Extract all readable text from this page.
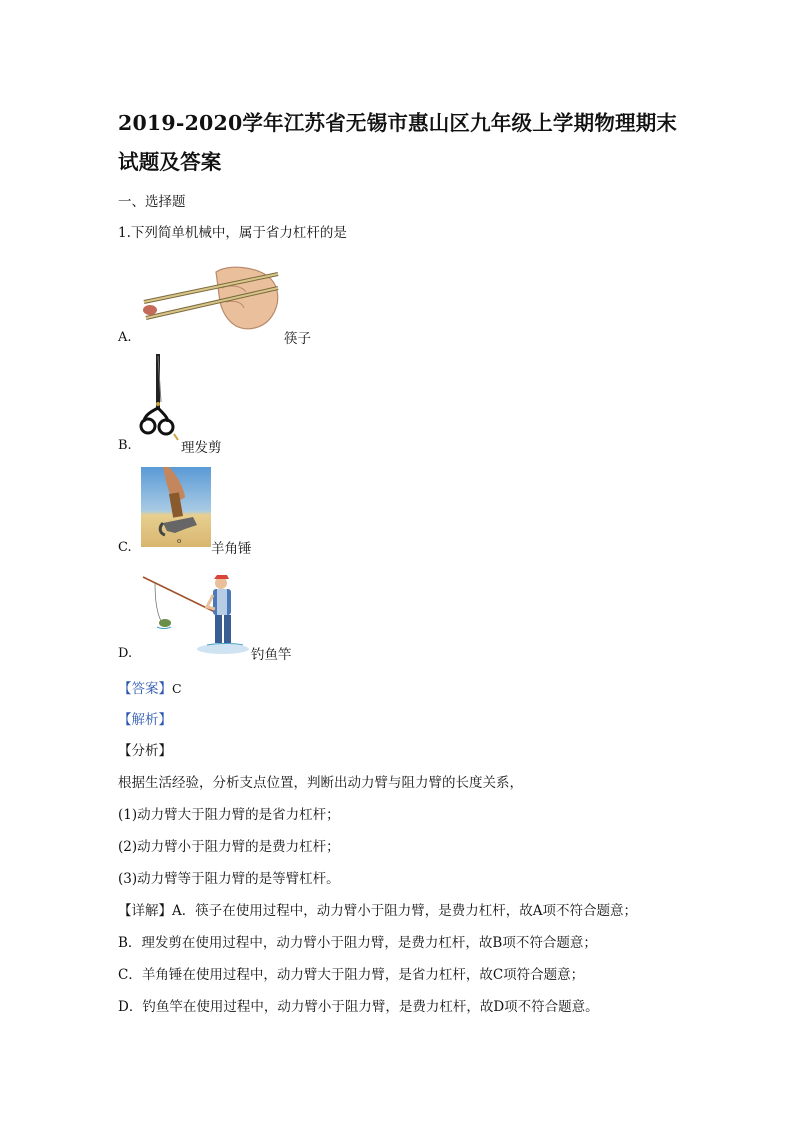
2019-2020学年江苏省无锡市惠山区九年级上学期物理期末
试题及答案
一、选择题
1.下列简单机械中，属于省力杠杆的是
A.	筷子
B.	理发剪
o
C.	羊角锤
D.	钓鱼竿
【答案】C
【解析】
【分析】
根据生活经验，分析支点位置，判断出动力臂与阻力臂的长度关系，
(1)动力臂大于阻力臂的是省力杠杆；
(2)动力臂小于阻力臂的是费力杠杆；
(3)动力臂等于阻力臂的是等臂杠杆。
【详解】A．筷子在使用过程中，动力臂小于阻力臂，是费力杠杆，故A项不符合题意；
B．理发剪在使用过程中，动力臂小于阻力臂，是费力杠杆，故B项不符合题意；
C．羊角锤在使用过程中，动力臂大于阻力臂，是省力杠杆，故C项符合题意；
D．钓鱼竿在使用过程中，动力臂小于阻力臂，是费力杠杆，故D项不符合题意。
